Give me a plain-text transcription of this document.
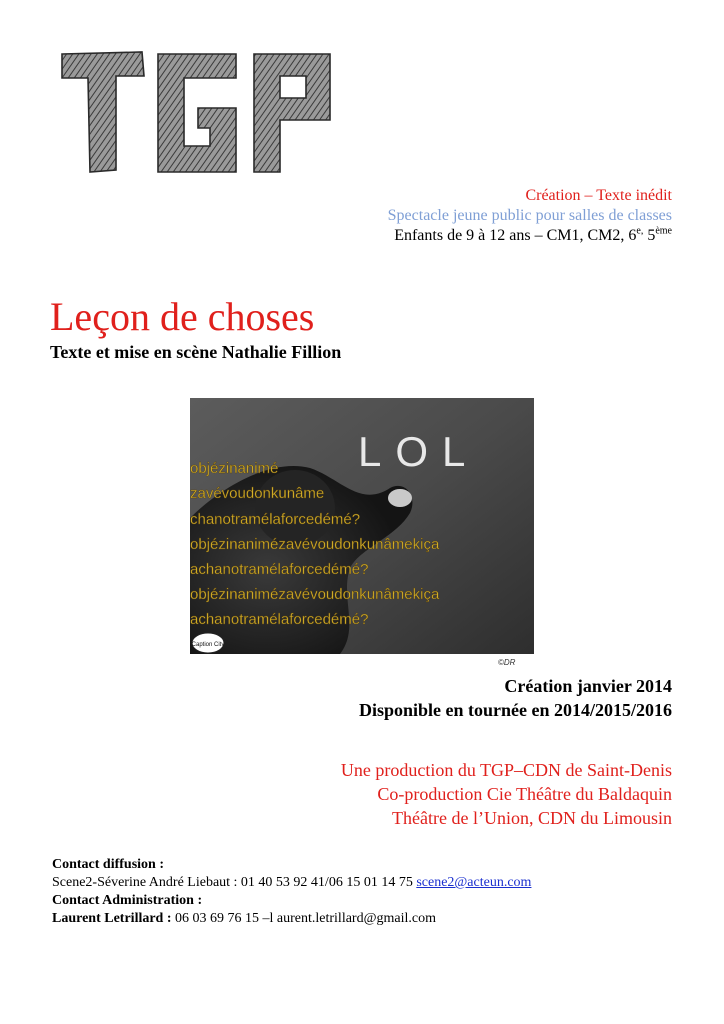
Création – Texte inédit
Spectacle jeune public pour salles de classes
Enfants de 9 à 12 ans – CM1, CM2, $6^{e,}$ 5ème
Leçon de choses
Texte et mise en scène Nathalie Fillion
LOL
objézinanimé
zavévoudonkunâme
chanotramélaforcedémé?
objézinanimézavévoudonkunâmekiça
achanotramélaforcedémé?
objézinanimézavévoudonkunâmekiça
achanotramélaforcedémé?
Caption City
©DR
Création janvier 2014
Disponible en tournée en 2014/2015/2016
Une production du TGP–CDN de Saint-Denis
Co-production Cie Théâtre du Baldaquin
Théâtre de l’Union, CDN du Limousin
Contact diffusion :
Scene2-Séverine André Liebaut : 01 40 53 92 41/06 15 01 14 75 scene2@acteun.com
Contact Administration :
Laurent Letrillard : 06 03 69 76 15 –l aurent.letrillard@gmail.com
